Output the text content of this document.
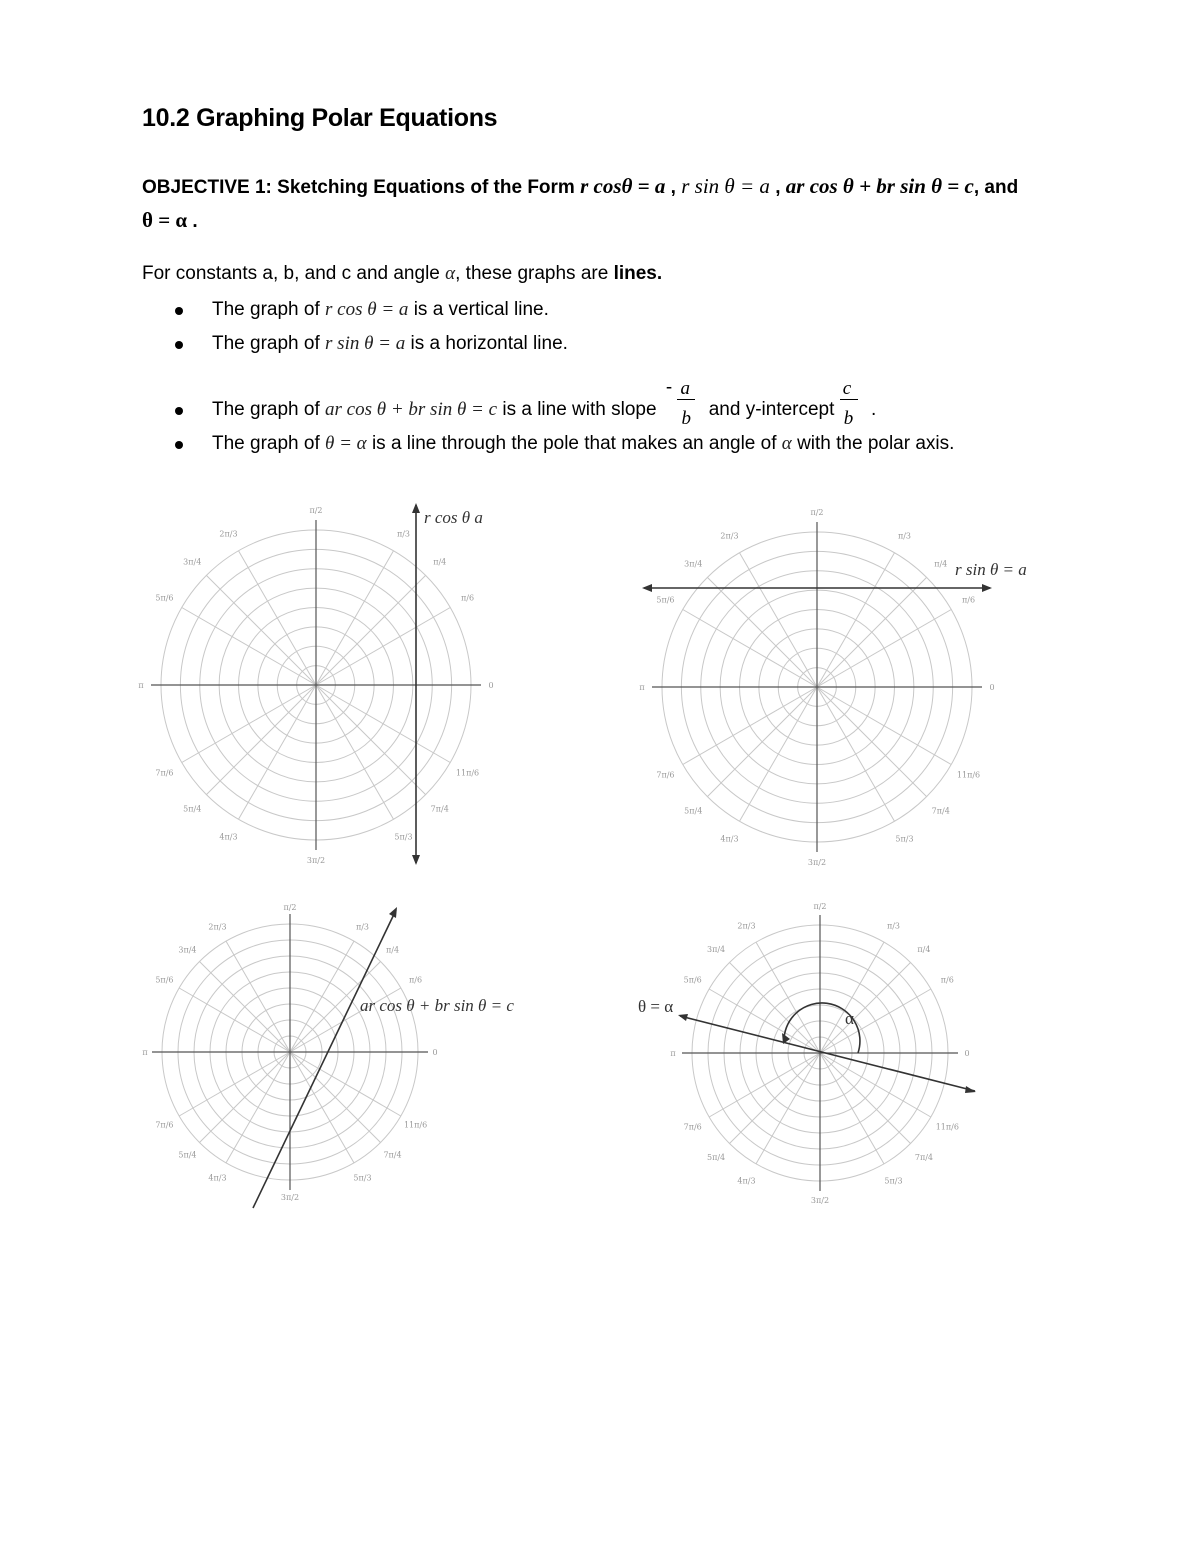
10.2 Graphing Polar Equations
OBJECTIVE 1: Sketching Equations of the Form r cosθ = a , r sin θ = a , ar cos θ + br sin θ = c, and
θ = α .
For constants a, b, and c and angle α, these graphs are lines.
The graph of r cos θ = a is a vertical line.
The graph of r sin θ = a is a horizontal line.
The graph of ar cos θ + br sin θ = c is a line with slope -
$\frac{a}{b}$
and y-intercept
$\frac{c}{b}$
.
The graph of θ = α is a line through the pole that makes an angle of α with the polar axis.
0
π/6
π/4
π/3
π/2
2π/3
3π/4
5π/6
π
7π/6
5π/4
4π/3
3π/2
5π/3
7π/4
11π/6
r cos θ a
0
π/6
π/4
π/3
π/2
2π/3
3π/4
5π/6
π
7π/6
5π/4
4π/3
3π/2
5π/3
7π/4
11π/6
r sin θ = a
0
π/6
π/4
π/3
π/2
2π/3
3π/4
5π/6
π
7π/6
5π/4
4π/3
3π/2
5π/3
7π/4
11π/6
ar cos θ + br sin θ = c
0
π/6
π/4
π/3
π/2
2π/3
3π/4
5π/6
π
7π/6
5π/4
4π/3
3π/2
5π/3
7π/4
11π/6
θ = α
α
